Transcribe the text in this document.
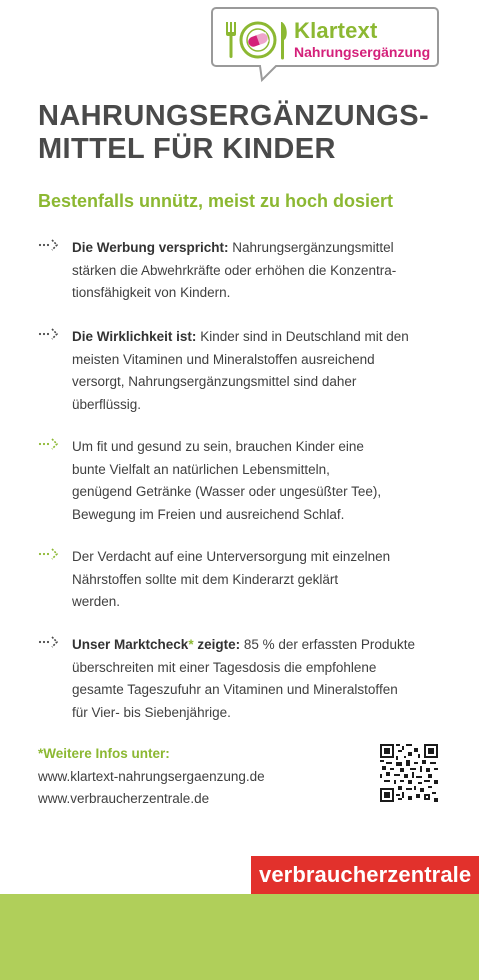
Klartext
Nahrungsergänzung
NAHRUNGSERGÄNZUNGS-
MITTEL FÜR KINDER
Bestenfalls unnütz, meist zu hoch dosiert
Die Werbung verspricht: Nahrungsergänzungsmittel
stärken die Abwehrkräfte oder erhöhen die Konzentra-
tionsfähigkeit von Kindern.
Die Wirklichkeit ist: Kinder sind in Deutschland mit den
meisten Vitaminen und Mineralstoffen ausreichend
versorgt, Nahrungsergänzungsmittel sind daher
überflüssig.
Um fit und gesund zu sein, brauchen Kinder eine
bunte Vielfalt an natürlichen Lebensmitteln,
genügend Getränke (Wasser oder ungesüßter Tee),
Bewegung im Freien und ausreichend Schlaf.
Der Verdacht auf eine Unterversorgung mit einzelnen
Nährstoffen sollte mit dem Kinderarzt geklärt
werden.
Unser Marktcheck* zeigte: 85 % der erfassten Produkte
überschreiten mit einer Tagesdosis die empfohlene
gesamte Tageszufuhr an Vitaminen und Mineralstoffen
für Vier- bis Siebenjährige.
*Weitere Infos unter:
www.klartext-nahrungsergaenzung.de
www.verbraucherzentrale.de
verbraucherzentrale
